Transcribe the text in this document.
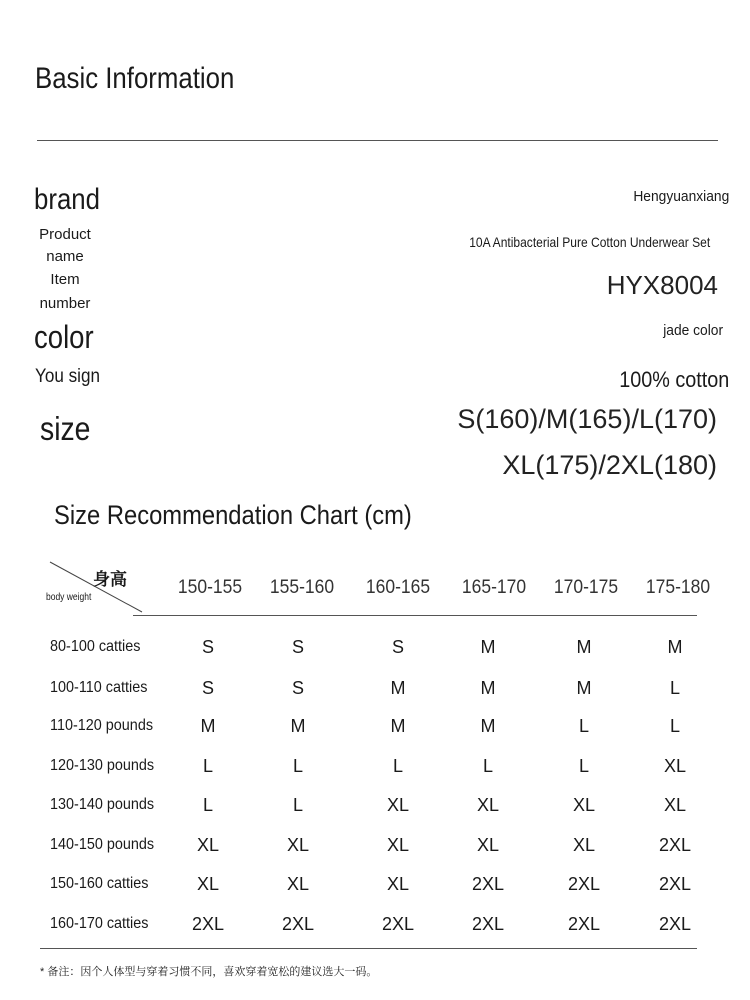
Basic Information
brand	Hengyuanxiang
Product
name
10A Antibacterial Pure Cotton Underwear Set
Item
number
HYX8004
color	jade color
You sign	100% cotton
size	S(160)/M(165)/L(170)
XL(175)/2XL(180)
Size Recommendation Chart (cm)
身高
body weight	150-155	155-160	160-165	165-170	170-175	175-180
80-100 catties	S	S	S	M	M	M
100-110 catties	S	S	M	M	M	L
110-120 pounds	M	M	M	M	L	L
120-130 pounds	L	L	L	L	L	XL
130-140 pounds	L	L	XL	XL	XL	XL
140-150 pounds	XL	XL	XL	XL	XL	2XL
150-160 catties	XL	XL	XL	2XL	2XL	2XL
160-170 catties	2XL	2XL	2XL	2XL	2XL	2XL
* 备注：因个人体型与穿着习惯不同，喜欢穿着宽松的建议选大一码。
